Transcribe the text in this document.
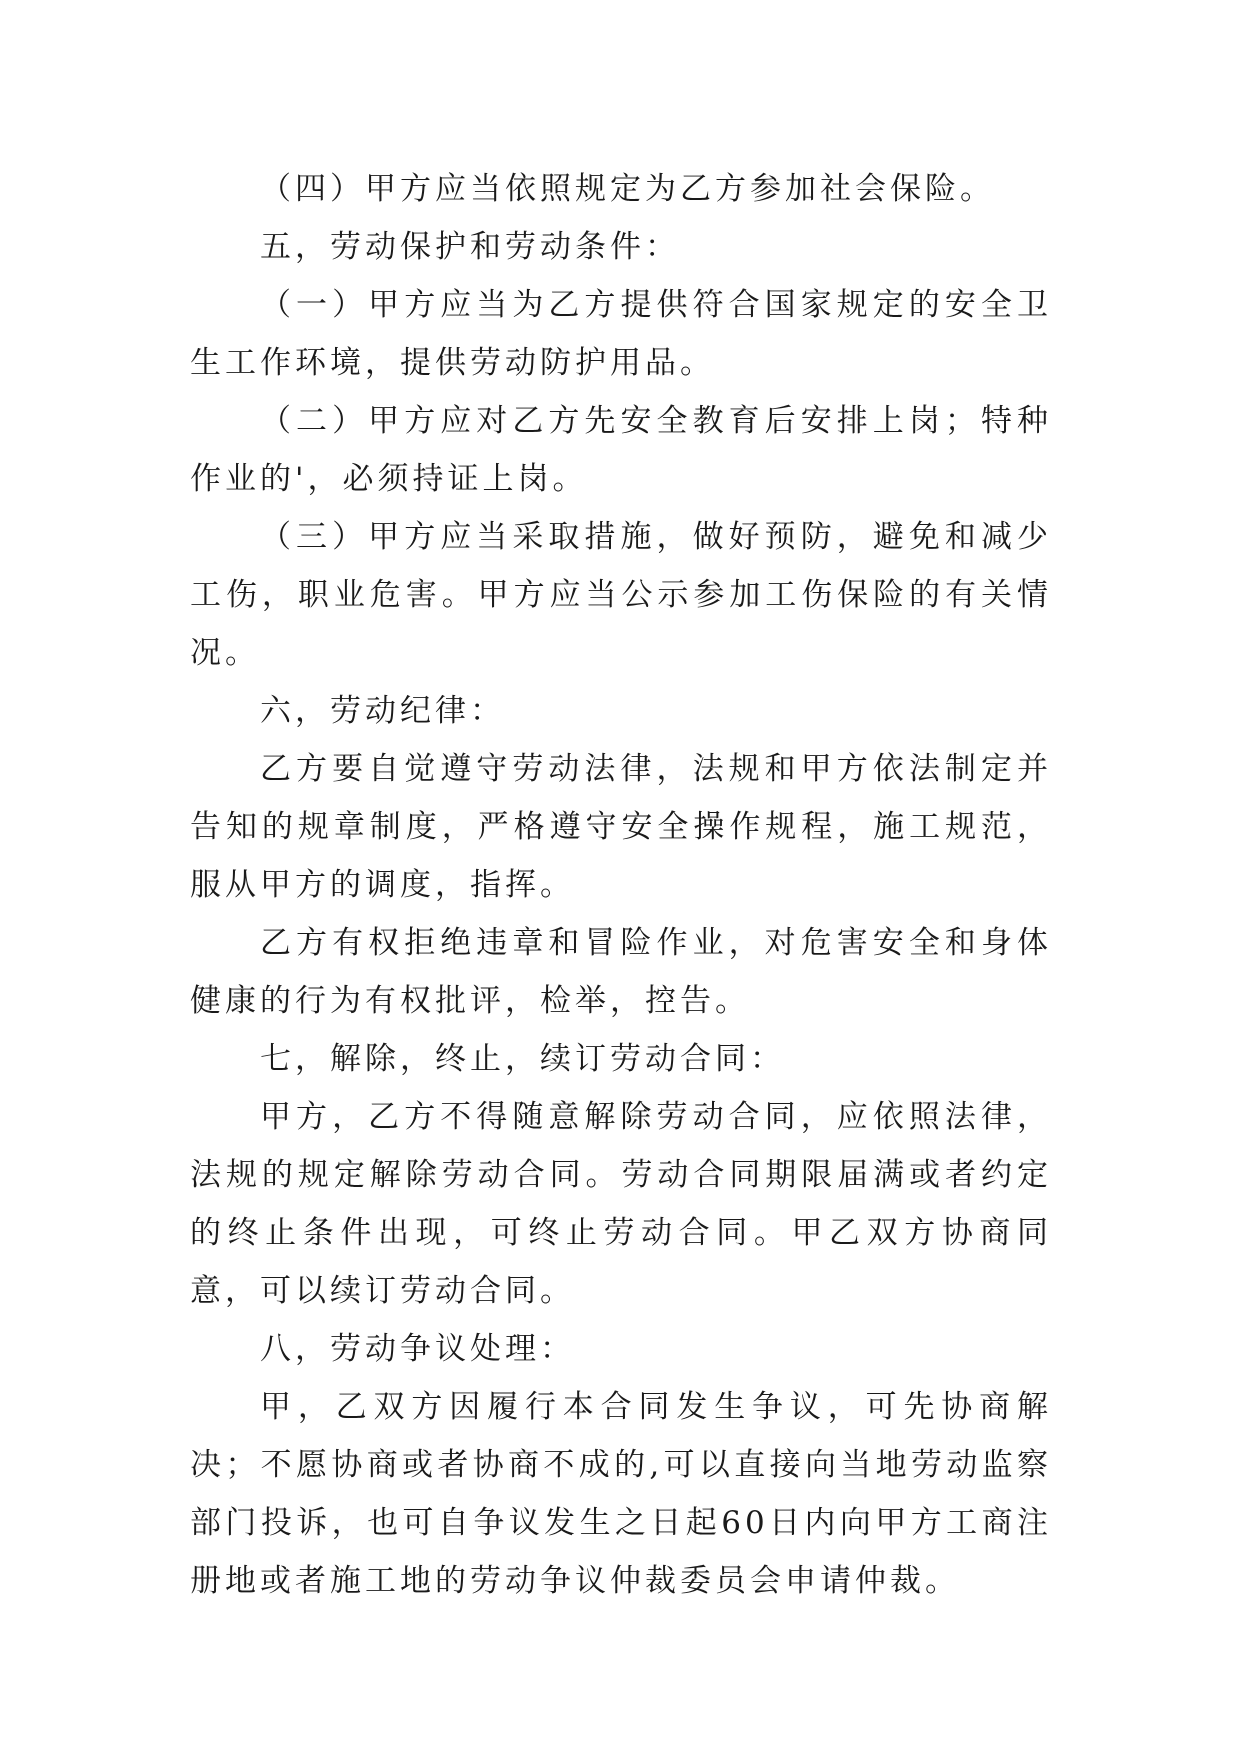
（四）甲方应当依照规定为乙方参加社会保险。

五，劳动保护和劳动条件：

（一）甲方应当为乙方提供符合国家规定的安全卫生工作环境，提供劳动防护用品。

（二）甲方应对乙方先安全教育后安排上岗；特种作业的'，必须持证上岗。

（三）甲方应当采取措施，做好预防，避免和减少工伤，职业危害。甲方应当公示参加工伤保险的有关情况。

六，劳动纪律：

乙方要自觉遵守劳动法律，法规和甲方依法制定并告知的规章制度，严格遵守安全操作规程，施工规范，服从甲方的调度，指挥。

乙方有权拒绝违章和冒险作业，对危害安全和身体健康的行为有权批评，检举，控告。

七，解除，终止，续订劳动合同：

甲方，乙方不得随意解除劳动合同，应依照法律，法规的规定解除劳动合同。劳动合同期限届满或者约定的终止条件出现，可终止劳动合同。甲乙双方协商同意，可以续订劳动合同。

八，劳动争议处理：

甲，乙双方因履行本合同发生争议，可先协商解决；不愿协商或者协商不成的,可以直接向当地劳动监察部门投诉，也可自争议发生之日起60日内向甲方工商注册地或者施工地的劳动争议仲裁委员会申请仲裁。
